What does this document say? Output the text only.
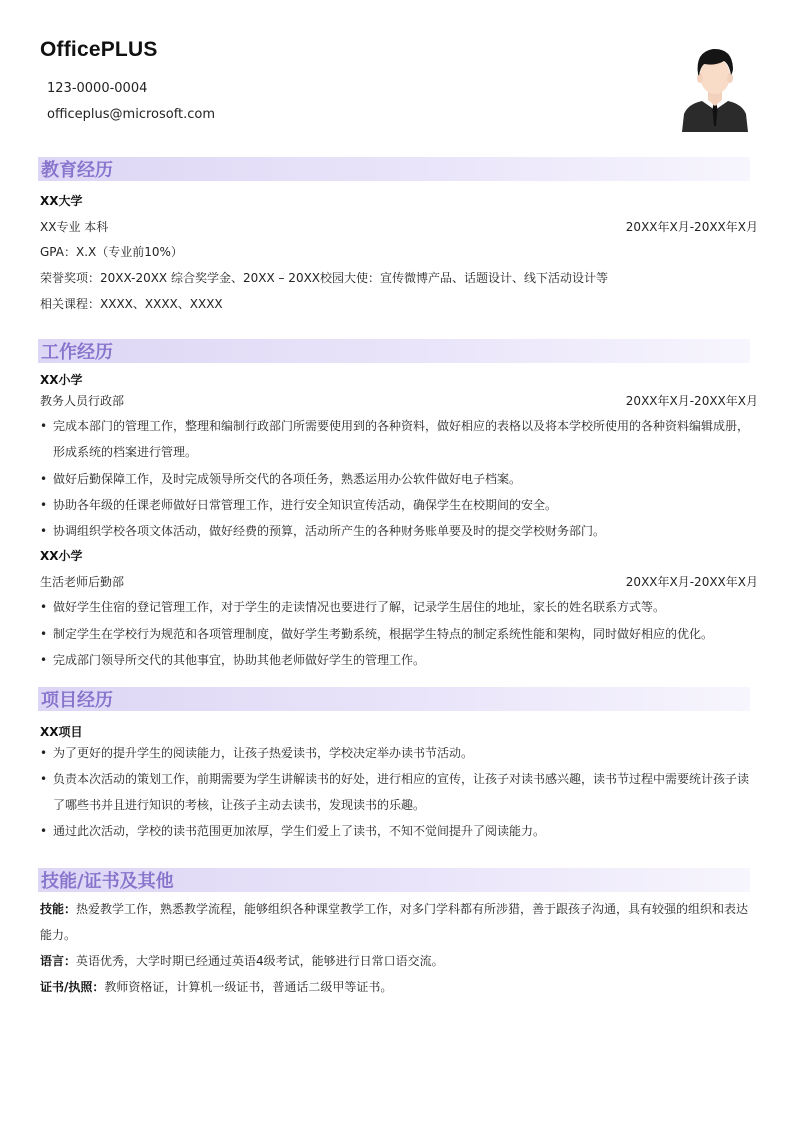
OfficePLUS
123-0000-0004
officeplus@microsoft.com
教育经历
XX大学
XX专业 本科	20XX年X月-20XX年X月
GPA：X.X（专业前10%）
荣誉奖项：20XX-20XX 综合奖学金、20XX – 20XX校园大使：宣传微博产品、话题设计、线下活动设计等
相关课程：XXXX、XXXX、XXXX
工作经历
XX小学
教务人员行政部	20XX年X月-20XX年X月
• 完成本部门的管理工作，整理和编制行政部门所需要使用到的各种资料，做好相应的表格以及将本学校所使用的各种资料编辑成册，形成系统的档案进行管理。
• 做好后勤保障工作，及时完成领导所交代的各项任务，熟悉运用办公软件做好电子档案。
• 协助各年级的任课老师做好日常管理工作，进行安全知识宣传活动，确保学生在校期间的安全。
• 协调组织学校各项文体活动，做好经费的预算，活动所产生的各种财务账单要及时的提交学校财务部门。
XX小学
生活老师后勤部	20XX年X月-20XX年X月
• 做好学生住宿的登记管理工作，对于学生的走读情况也要进行了解，记录学生居住的地址，家长的姓名联系方式等。
• 制定学生在学校行为规范和各项管理制度，做好学生考勤系统，根据学生特点的制定系统性能和架构，同时做好相应的优化。
• 完成部门领导所交代的其他事宜，协助其他老师做好学生的管理工作。
项目经历
XX项目
• 为了更好的提升学生的阅读能力，让孩子热爱读书，学校决定举办读书节活动。
• 负责本次活动的策划工作，前期需要为学生讲解读书的好处，进行相应的宣传，让孩子对读书感兴趣，读书节过程中需要统计孩子读了哪些书并且进行知识的考核，让孩子主动去读书，发现读书的乐趣。
• 通过此次活动，学校的读书范围更加浓厚，学生们爱上了读书，不知不觉间提升了阅读能力。
技能/证书及其他
技能：热爱教学工作，熟悉教学流程，能够组织各种课堂教学工作，对多门学科都有所涉猎，善于跟孩子沟通，具有较强的组织和表达能力。
语言：英语优秀，大学时期已经通过英语4级考试，能够进行日常口语交流。
证书/执照：教师资格证，计算机一级证书，普通话二级甲等证书。
